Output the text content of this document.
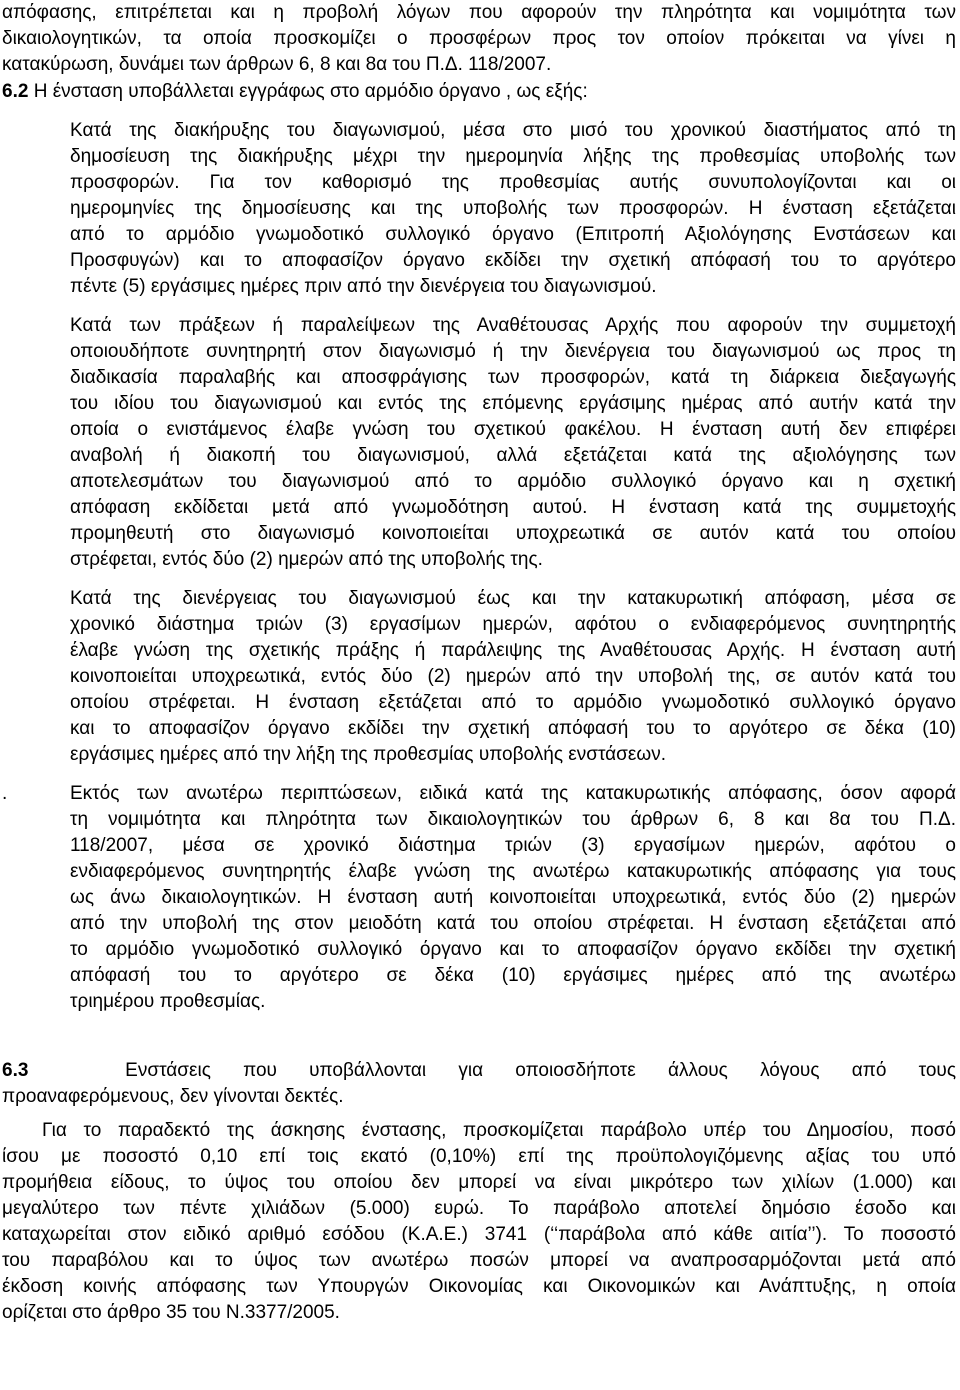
απόφασης, επιτρέπεται και η προβολή λόγων που αφορούν την πληρότητα και νομιμότητα των
δικαιολογητικών, τα οποία προσκομίζει ο προσφέρων προς τον οποίον πρόκειται να γίνει η
κατακύρωση, δυνάμει των άρθρων 6, 8 και 8α του Π.Δ. 118/2007.
6.2 Η ένσταση υποβάλλεται εγγράφως στο αρμόδιο όργανο , ως εξής:
Κατά της διακήρυξης του διαγωνισμού, μέσα στο μισό του χρονικού διαστήματος από τη
δημοσίευση της διακήρυξης μέχρι την ημερομηνία λήξης της προθεσμίας υποβολής των
προσφορών. Για τον καθορισμό της προθεσμίας αυτής συνυπολογίζονται και οι
ημερομηνίες της δημοσίευσης και της υποβολής των προσφορών. Η ένσταση εξετάζεται
από το αρμόδιο γνωμοδοτικό συλλογικό όργανο (Επιτροπή Αξιολόγησης Ενστάσεων και
Προσφυγών) και το αποφασίζον όργανο εκδίδει την σχετική απόφασή του το αργότερο
πέντε (5) εργάσιμες ημέρες πριν από την διενέργεια του διαγωνισμού.
Κατά των πράξεων ή παραλείψεων της Αναθέτουσας Αρχής που αφορούν την συμμετοχή
οποιουδήποτε συνητηρητή στον διαγωνισμό ή την διενέργεια του διαγωνισμού ως προς τη
διαδικασία παραλαβής και αποσφράγισης των προσφορών, κατά τη διάρκεια διεξαγωγής
του ιδίου του διαγωνισμού και εντός της επόμενης εργάσιμης ημέρας από αυτήν κατά την
οποία ο ενιστάμενος έλαβε γνώση του σχετικού φακέλου. Η ένσταση αυτή δεν επιφέρει
αναβολή ή διακοπή του διαγωνισμού, αλλά εξετάζεται κατά της αξιολόγησης των
αποτελεσμάτων του διαγωνισμού από το αρμόδιο συλλογικό όργανο και η σχετική
απόφαση εκδίδεται μετά από γνωμοδότηση αυτού. Η ένσταση κατά της συμμετοχής
προμηθευτή στο διαγωνισμό κοινοποιείται υποχρεωτικά σε αυτόν κατά του οποίου
στρέφεται, εντός δύο (2) ημερών από της υποβολής της.
Κατά της διενέργειας του διαγωνισμού έως και την κατακυρωτική απόφαση, μέσα σε
χρονικό διάστημα τριών (3) εργασίμων ημερών, αφότου ο ενδιαφερόμενος συνητηρητής
έλαβε γνώση της σχετικής πράξης ή παράλειψης της Αναθέτουσας Αρχής. Η ένσταση αυτή
κοινοποιείται υποχρεωτικά, εντός δύο (2) ημερών από την υποβολή της, σε αυτόν κατά του
οποίου στρέφεται. Η ένσταση εξετάζεται από το αρμόδιο γνωμοδοτικό συλλογικό όργανο
και το αποφασίζον όργανο εκδίδει την σχετική απόφασή του το αργότερο σε δέκα (10)
εργάσιμες ημέρες από την λήξη της προθεσμίας υποβολής ενστάσεων.
.	Εκτός των ανωτέρω περιπτώσεων, ειδικά κατά της κατακυρωτικής απόφασης, όσον αφορά
τη νομιμότητα και πληρότητα των δικαιολογητικών του άρθρων 6, 8 και 8α του Π.Δ.
118/2007, μέσα σε χρονικό διάστημα τριών (3) εργασίμων ημερών, αφότου ο
ενδιαφερόμενος συνητηρητής έλαβε γνώση της ανωτέρω κατακυρωτικής απόφασης για τους
ως άνω δικαιολογητικών. Η ένσταση αυτή κοινοποιείται υποχρεωτικά, εντός δύο (2) ημερών
από την υποβολή της στον μειοδότη κατά του οποίου στρέφεται. Η ένσταση εξετάζεται από
το αρμόδιο γνωμοδοτικό συλλογικό όργανο και το αποφασίζον όργανο εκδίδει την σχετική
απόφασή του το αργότερο σε δέκα (10) εργάσιμες ημέρες από της ανωτέρω
τριημέρου προθεσμίας.
6.3	Ενστάσεις που υποβάλλονται για οποιοσδήποτε άλλους λόγους από τους
προαναφερόμενους, δεν γίνονται δεκτές.
Για το παραδεκτό της άσκησης ένστασης, προσκομίζεται παράβολο υπέρ του Δημοσίου, ποσό
ίσου με ποσοστό 0,10 επί τοις εκατό (0,10%) επί της προϋπολογιζόμενης αξίας του υπό
προμήθεια είδους, το ύψος του οποίου δεν μπορεί να είναι μικρότερο των χιλίων (1.000) και
μεγαλύτερο των πέντε χιλιάδων (5.000) ευρώ. Το παράβολο αποτελεί δημόσιο έσοδο και
καταχωρείται στον ειδικό αριθμό εσόδου (Κ.Α.Ε.) 3741 (‘‘παράβολα από κάθε αιτία’’). Το ποσοστό
του παραβόλου και το ύψος των ανωτέρω ποσών μπορεί να αναπροσαρμόζονται μετά από
έκδοση κοινής απόφασης των Υπουργών Οικονομίας και Οικονομικών και Ανάπτυξης, η οποία
ορίζεται στο άρθρο 35 του Ν.3377/2005.
